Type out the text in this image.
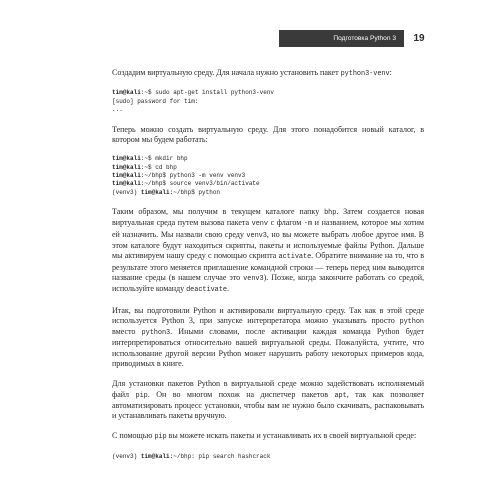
Подготовка Python 3	19

Создадим виртуальную среду. Для начала нужно установить пакет python3-venv:

tim@kali:~$ sudo apt-get install python3-venv
[sudo] password for tim:
...

Теперь можно создать виртуальную среду. Для этого понадобится новый каталог, в котором мы будем работать:

tim@kali:~$ mkdir bhp
tim@kali:~$ cd bhp
tim@kali:~/bhp$ python3 -m venv venv3
tim@kali:~/bhp$ source venv3/bin/activate
(venv3) tim@kali:~/bhp$ python

Таким образом, мы получим в текущем каталоге папку bhp. Затем создается новая виртуальная среда путем вызова пакета venv с флагом -m и названием, которое мы хотим ей назначить. Мы назвали свою среду venv3, но вы можете выбрать любое другое имя. В этом каталоге будут находиться скрипты, пакеты и используемые файлы Python. Дальше мы активируем нашу среду с помощью скрипта activate. Обратите внимание на то, что в результате этого меняется приглашение командной строки — теперь перед ним выводится название среды (в нашем случае это venv3). Позже, когда закончите работать со средой, используйте команду deactivate.

Итак, вы подготовили Python и активировали виртуальную среду. Так как в этой среде используется Python 3, при запуске интерпретатора можно указывать просто python вместо python3. Иными словами, после активации каждая команда Python будет интерпретироваться относительно вашей виртуальной среды. Пожалуйста, учтите, что использование другой версии Python может нарушить работу некоторых примеров кода, приводимых в книге.

Для установки пакетов Python в виртуальной среде можно задействовать исполняемый файл pip. Он во многом похож на диспетчер пакетов apt, так как позволяет автоматизировать процесс установки, чтобы вам не нужно было скачивать, распаковывать и устанавливать пакеты вручную.

С помощью pip вы можете искать пакеты и устанавливать их в своей виртуальной среде:

(venv3) tim@kali:~/bhp: pip search hashcrack
